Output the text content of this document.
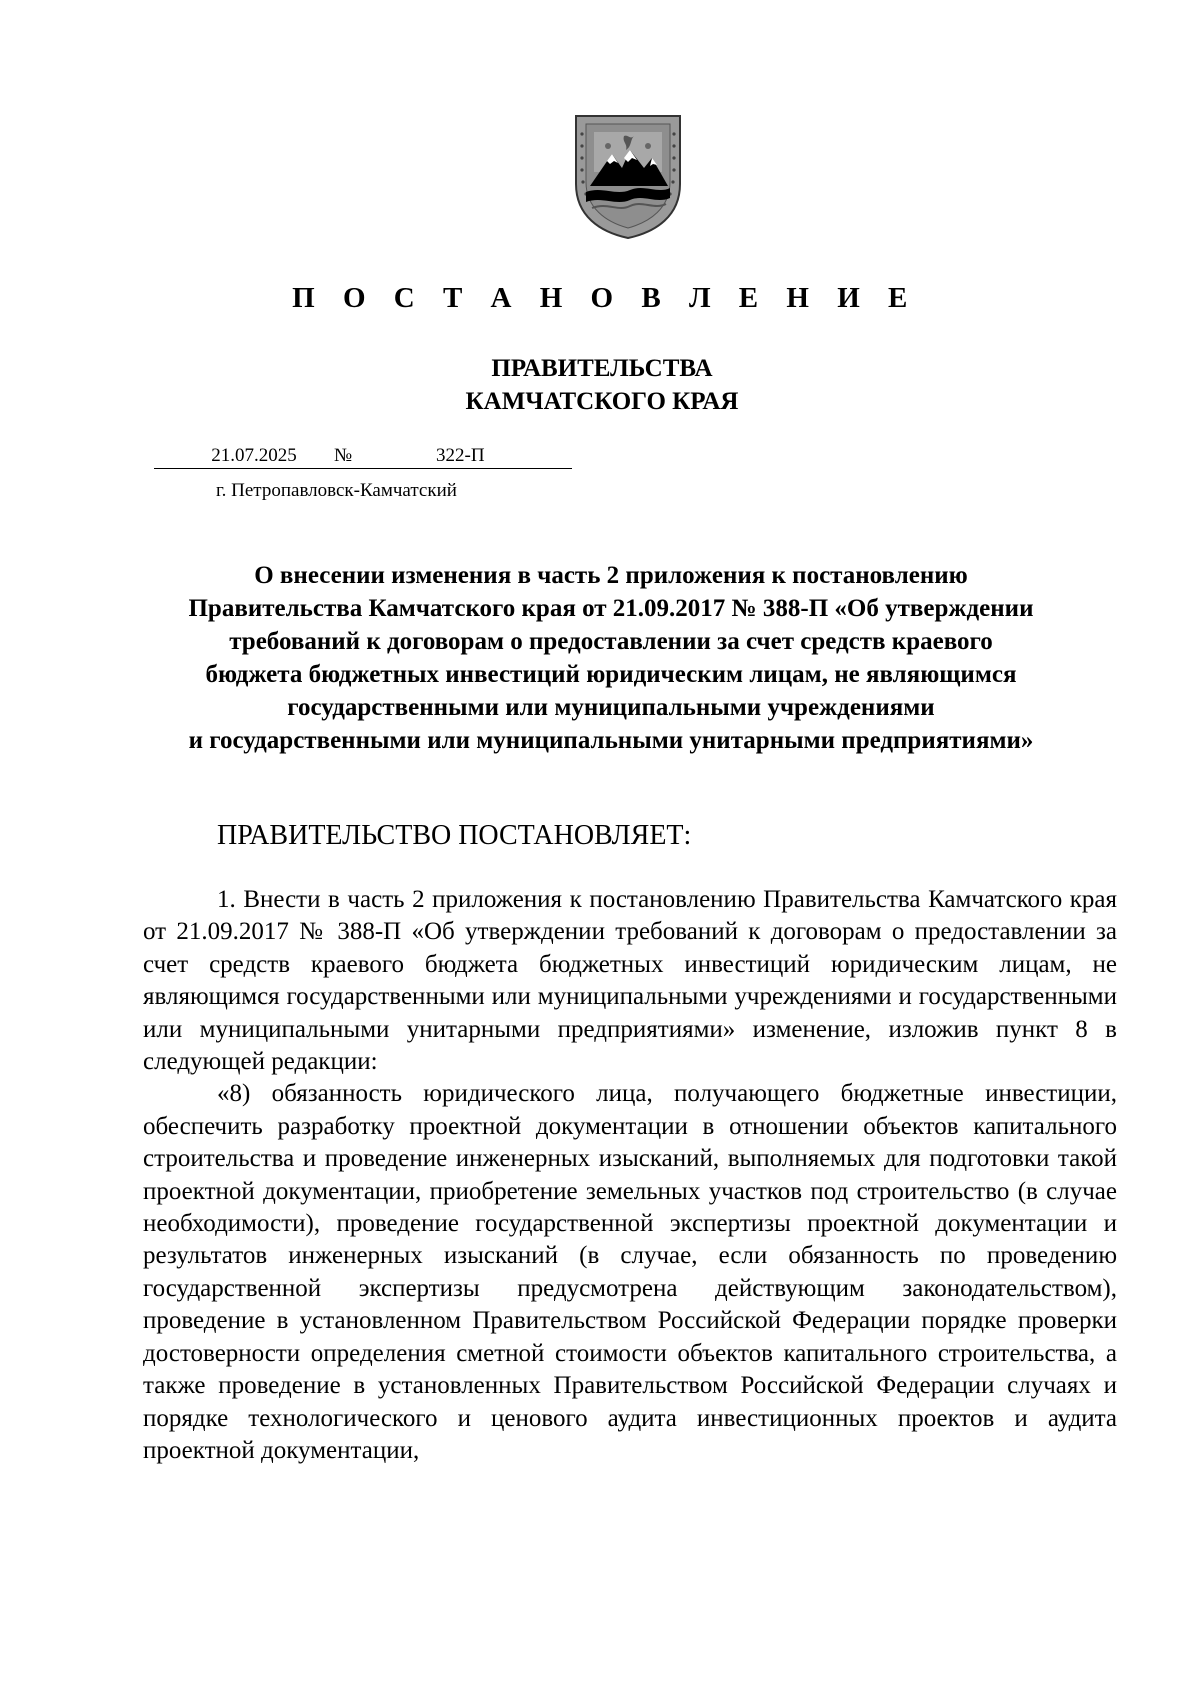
П О С Т А Н О В Л Е Н И Е
ПРАВИТЕЛЬСТВА
КАМЧАТСКОГО КРАЯ
21.07.2025	№	322-П
г. Петропавловск-Камчатский
О внесении изменения в часть 2 приложения к постановлению
Правительства Камчатского края от 21.09.2017 № 388-П «Об утверждении
требований к договорам о предоставлении за счет средств краевого
бюджета бюджетных инвестиций юридическим лицам, не являющимся
государственными или муниципальными учреждениями
и государственными или муниципальными унитарными предприятиями»
ПРАВИТЕЛЬСТВО ПОСТАНОВЛЯЕТ:

1. Внести в часть 2 приложения к постановлению Правительства Камчатского края от 21.09.2017 № 388-П «Об утверждении требований к договорам о предоставлении за счет средств краевого бюджета бюджетных инвестиций юридическим лицам, не являющимся государственными или муниципальными учреждениями и государственными или муниципальными унитарными предприятиями» изменение, изложив пункт 8 в следующей редакции:

«8) обязанность юридического лица, получающего бюджетные инвестиции, обеспечить разработку проектной документации в отношении объектов капитального строительства и проведение инженерных изысканий, выполняемых для подготовки такой проектной документации, приобретение земельных участков под строительство (в случае необходимости), проведение государственной экспертизы проектной документации и результатов инженерных изысканий (в случае, если обязанность по проведению государственной экспертизы предусмотрена действующим законодательством), проведение в установленном Правительством Российской Федерации порядке проверки достоверности определения сметной стоимости объектов капитального строительства, а также проведение в установленных Правительством Российской Федерации случаях и порядке технологического и ценового аудита инвестиционных проектов и аудита проектной документации,
